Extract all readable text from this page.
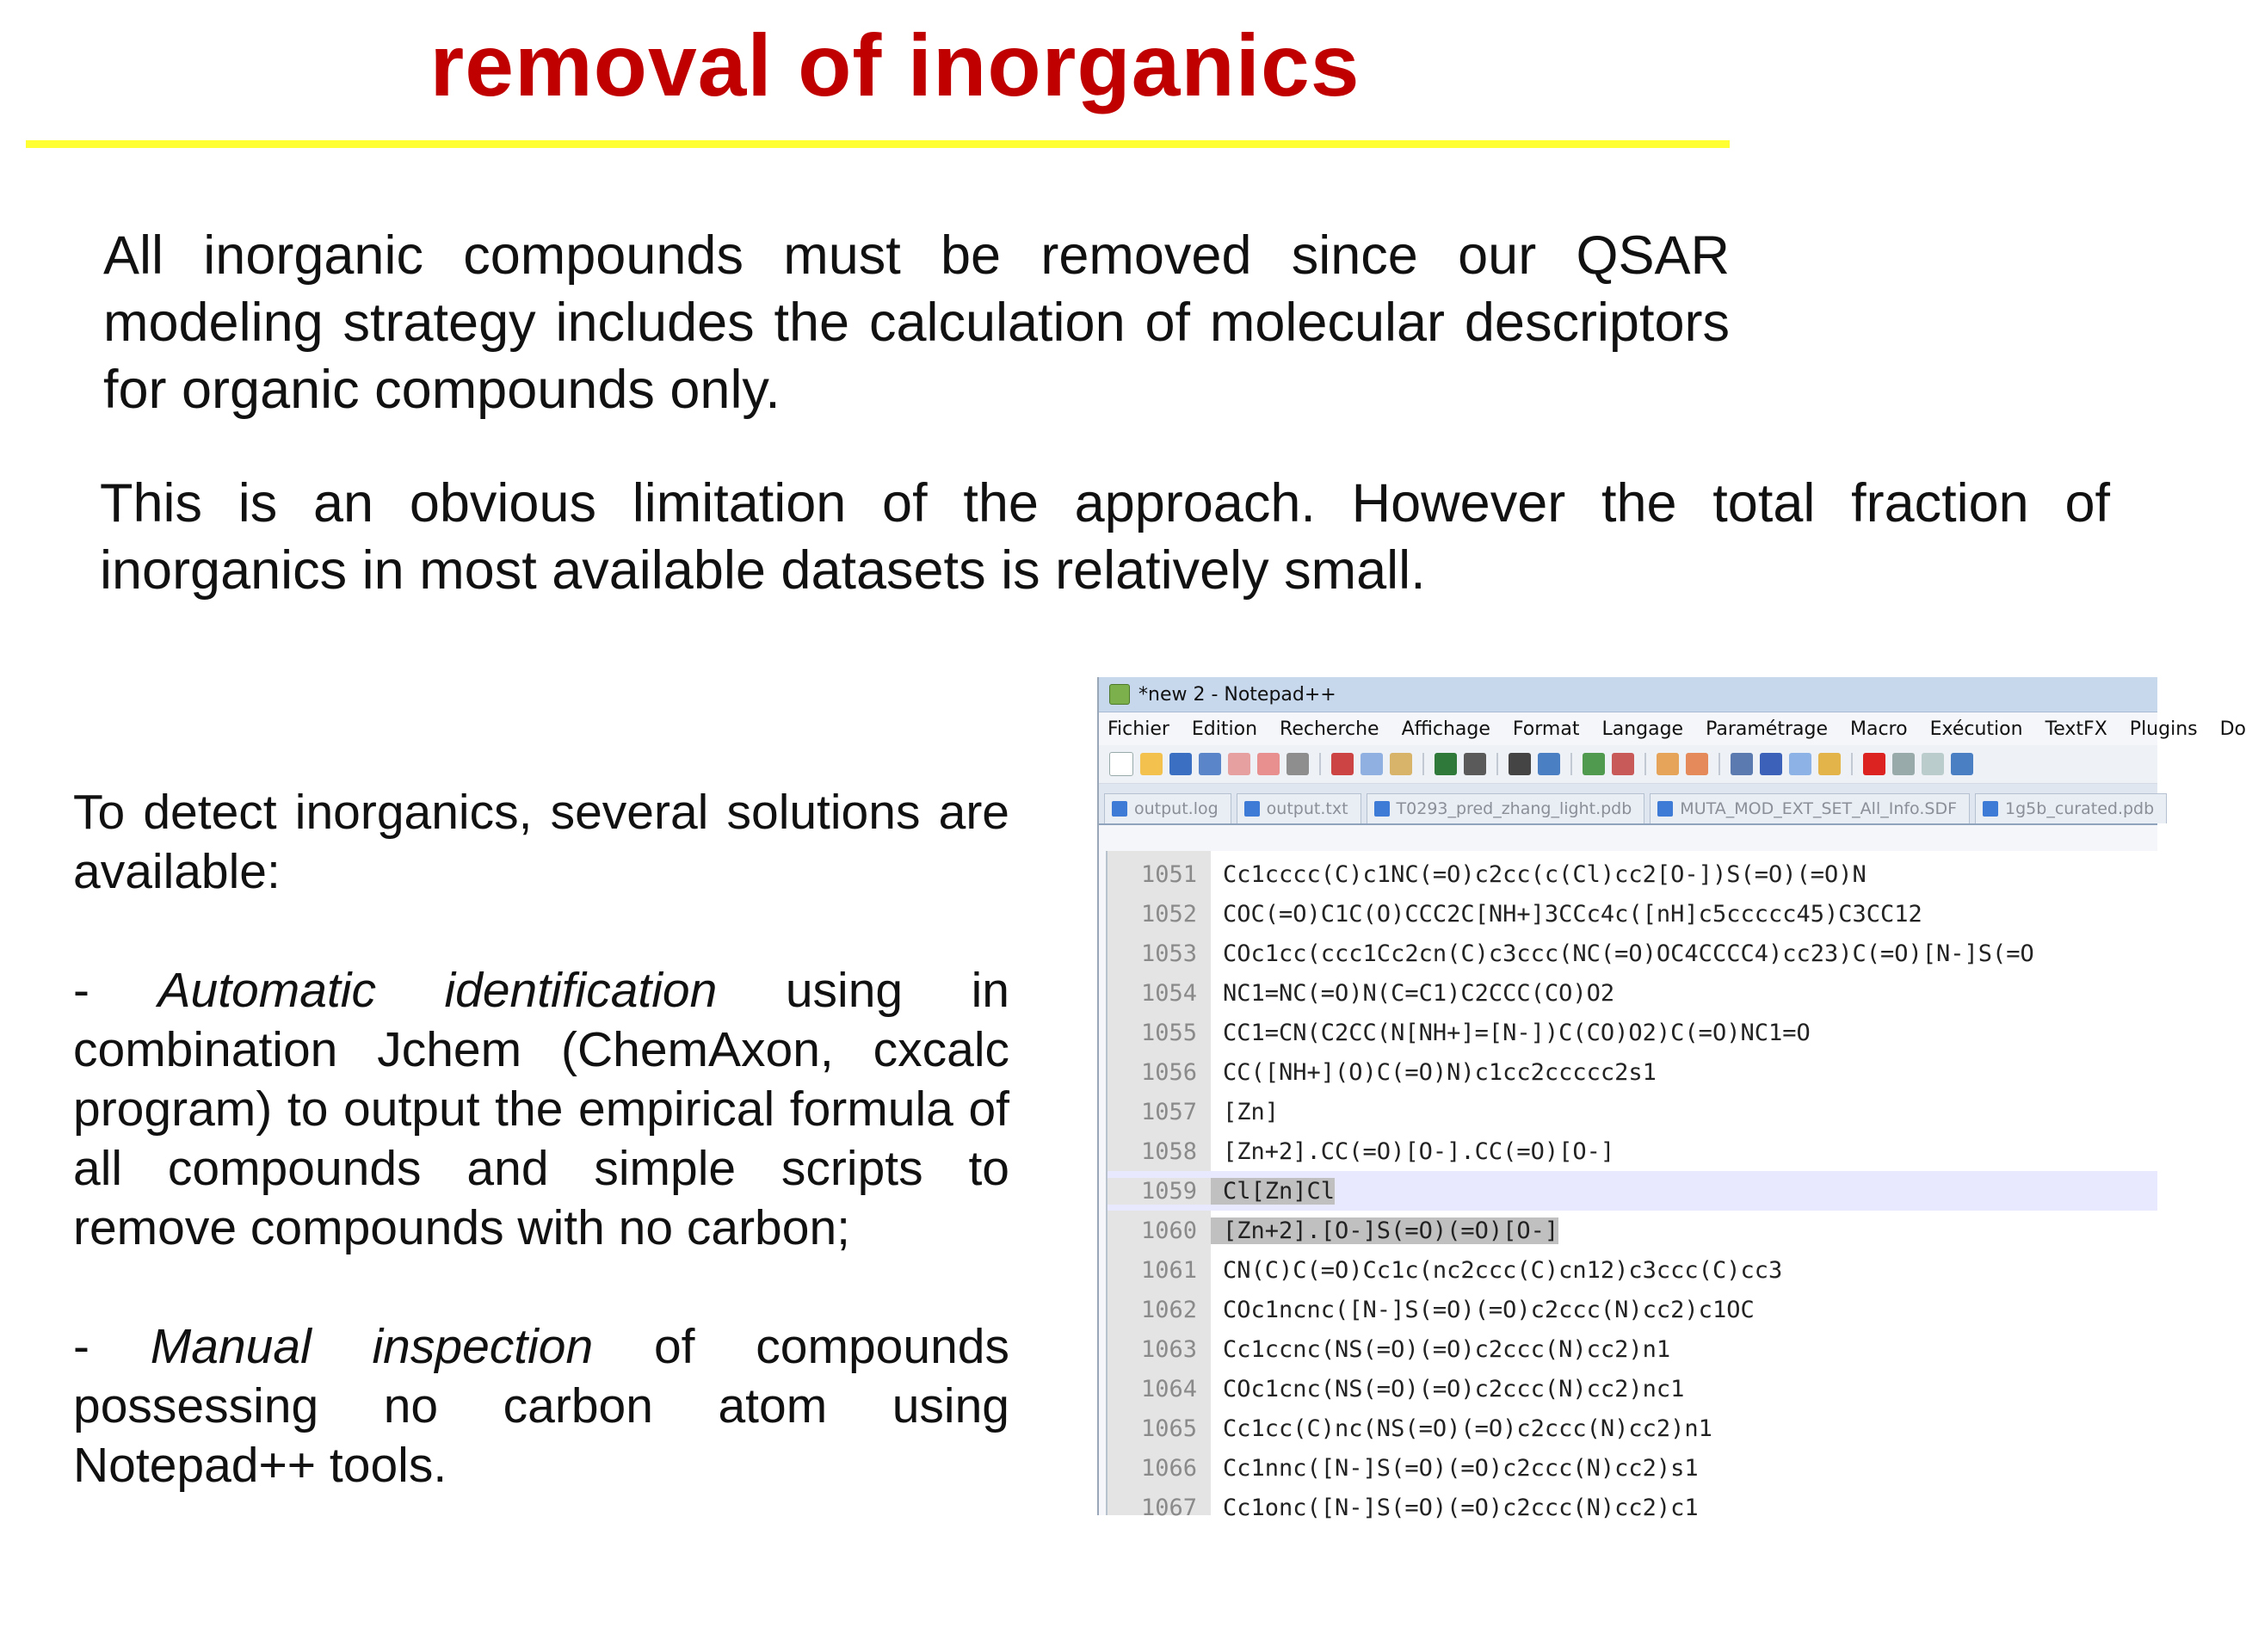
removal of inorganics

All inorganic compounds must be removed since our QSAR modeling strategy includes the calculation of molecular descriptors for organic compounds only.

This is an obvious limitation of the approach. However the total fraction of inorganics in most available datasets is relatively small.

To detect inorganics, several solutions are available:

- Automatic identification using in combination Jchem (ChemAxon, cxcalc program) to output the empirical formula of all compounds and simple scripts to remove compounds with no carbon;

- Manual inspection of compounds possessing no carbon atom using Notepad++ tools.

*new 2 - Notepad++
Fichier Edition Recherche Affichage Format Langage Paramétrage Macro Exécution TextFX Plugins Do
output.log	output.txt	T0293_pred_zhang_light.pdb	MUTA_MOD_EXT_SET_All_Info.SDF	1g5b_curated.pdb
1051	Cc1cccc(C)c1NC(=O)c2cc(c(Cl)cc2[O-])S(=O)(=O)N
1052	COC(=O)C1C(O)CCC2C[NH+]3CCc4c([nH]c5ccccc45)C3CC12
1053	COc1cc(ccc1Cc2cn(C)c3ccc(NC(=O)OC4CCCC4)cc23)C(=O)[N-]S(=O
1054	NC1=NC(=O)N(C=C1)C2CCC(CO)O2
1055	CC1=CN(C2CC(N[NH+]=[N-])C(CO)O2)C(=O)NC1=O
1056	CC([NH+](O)C(=O)N)c1cc2ccccc2s1
1057	[Zn]
1058	[Zn+2].CC(=O)[O-].CC(=O)[O-]
1059	Cl[Zn]Cl
1060	[Zn+2].[O-]S(=O)(=O)[O-]
1061	CN(C)C(=O)Cc1c(nc2ccc(C)cn12)c3ccc(C)cc3
1062	COc1ncnc([N-]S(=O)(=O)c2ccc(N)cc2)c1OC
1063	Cc1ccnc(NS(=O)(=O)c2ccc(N)cc2)n1
1064	COc1cnc(NS(=O)(=O)c2ccc(N)cc2)nc1
1065	Cc1cc(C)nc(NS(=O)(=O)c2ccc(N)cc2)n1
1066	Cc1nnc([N-]S(=O)(=O)c2ccc(N)cc2)s1
1067	Cc1onc([N-]S(=O)(=O)c2ccc(N)cc2)c1
